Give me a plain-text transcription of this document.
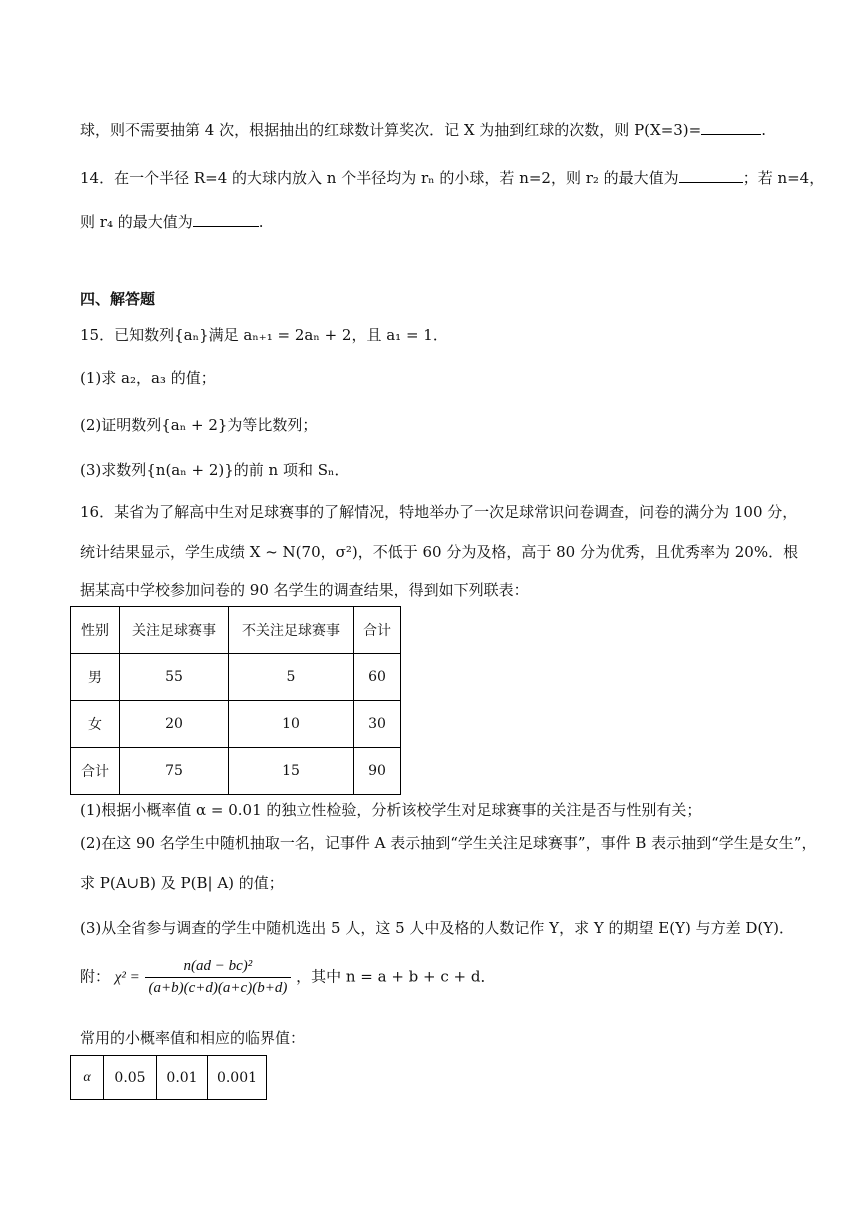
球，则不需要抽第 4 次，根据抽出的红球数计算奖次．记 X 为抽到红球的次数，则 P(X=3)=	.
14．在一个半径 R=4 的大球内放入 n 个半径均为 rₙ 的小球，若 n=2，则 r₂ 的最大值为	；若 n=4，
则 r₄ 的最大值为	.
四、解答题
15．已知数列{aₙ}满足 aₙ₊₁ = 2aₙ + 2，且 a₁ = 1．
(1)求 a₂，a₃ 的值；
(2)证明数列{aₙ + 2}为等比数列；
(3)求数列{n(aₙ + 2)}的前 n 项和 Sₙ．
16．某省为了解高中生对足球赛事的了解情况，特地举办了一次足球常识问卷调查，问卷的满分为 100 分，
统计结果显示，学生成绩 X ~ N(70，σ²)，不低于 60 分为及格，高于 80 分为优秀，且优秀率为 20%．根
据某高中学校参加问卷的 90 名学生的调查结果，得到如下列联表：
性别	关注足球赛事	不关注足球赛事	合计
男	55	5	60
女	20	10	30
合计	75	15	90
(1)根据小概率值 α = 0.01 的独立性检验，分析该校学生对足球赛事的关注是否与性别有关；
(2)在这 90 名学生中随机抽取一名，记事件 A 表示抽到“学生关注足球赛事”，事件 B 表示抽到“学生是女生”，
求 P(A∪B) 及 P(B| A) 的值；
(3)从全省参与调查的学生中随机选出 5 人，这 5 人中及格的人数记作 Y，求 Y 的期望 E(Y) 与方差 D(Y)．
附： $\chi^2 = \frac{\text{n(ad − bc)²}}{(a+b)(c+d)(a+c)(b+d)}$ ，其中 n = a + b + c + d．
常用的小概率值和相应的临界值：
α	0.05	0.01	0.001
